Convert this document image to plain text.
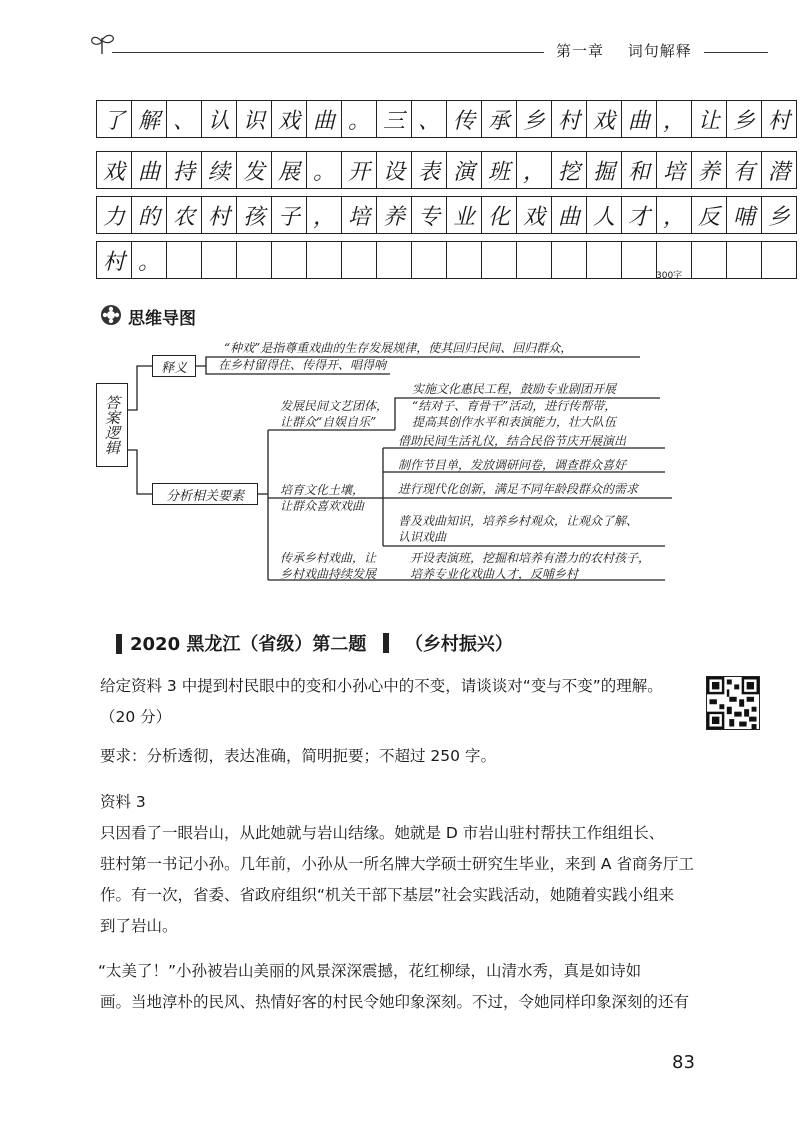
第一章 词句解释
了 解 、 认 识 戏 曲 。 三 、 传 承 乡 村 戏 曲 ， 让 乡 村
戏 曲 持 续 发 展 。 开 设 表 演 班 ， 挖 掘 和 培 养 有 潜
力 的 农 村 孩 子 ， 培 养 专 业 化 戏 曲 人 才 ， 反 哺 乡
村 。
300字
思维导图
答案逻辑
释义
分析相关要素
“种戏”是指尊重戏曲的生存发展规律，使其回归民间、回归群众，
在乡村留得住、传得开、唱得响
发展民间文艺团体，
让群众“自娱自乐”
实施文化惠民工程，鼓励专业剧团开展
“结对子、育骨干”活动，进行传帮带，
提高其创作水平和表演能力，壮大队伍
培育文化土壤，
让群众喜欢戏曲
借助民间生活礼仪，结合民俗节庆开展演出
制作节目单，发放调研问卷，调查群众喜好
进行现代化创新，满足不同年龄段群众的需求
普及戏曲知识，培养乡村观众，让观众了解、
认识戏曲
传承乡村戏曲，让
乡村戏曲持续发展
开设表演班，挖掘和培养有潜力的农村孩子，
培养专业化戏曲人才，反哺乡村
2020 黑龙江（省级）第二题 （乡村振兴）
给定资料 3 中提到村民眼中的变和小孙心中的不变，请谈谈对“变与不变”的理解。
（20 分）
要求：分析透彻，表达准确，简明扼要；不超过 250 字。
资料 3
只因看了一眼岩山，从此她就与岩山结缘。她就是 D 市岩山驻村帮扶工作组组长、
驻村第一书记小孙。几年前，小孙从一所名牌大学硕士研究生毕业，来到 A 省商务厅工
作。有一次，省委、省政府组织“机关干部下基层”社会实践活动，她随着实践小组来
到了岩山。
“太美了！”小孙被岩山美丽的风景深深震撼，花红柳绿，山清水秀，真是如诗如
画。当地淳朴的民风、热情好客的村民令她印象深刻。不过，令她同样印象深刻的还有
83
